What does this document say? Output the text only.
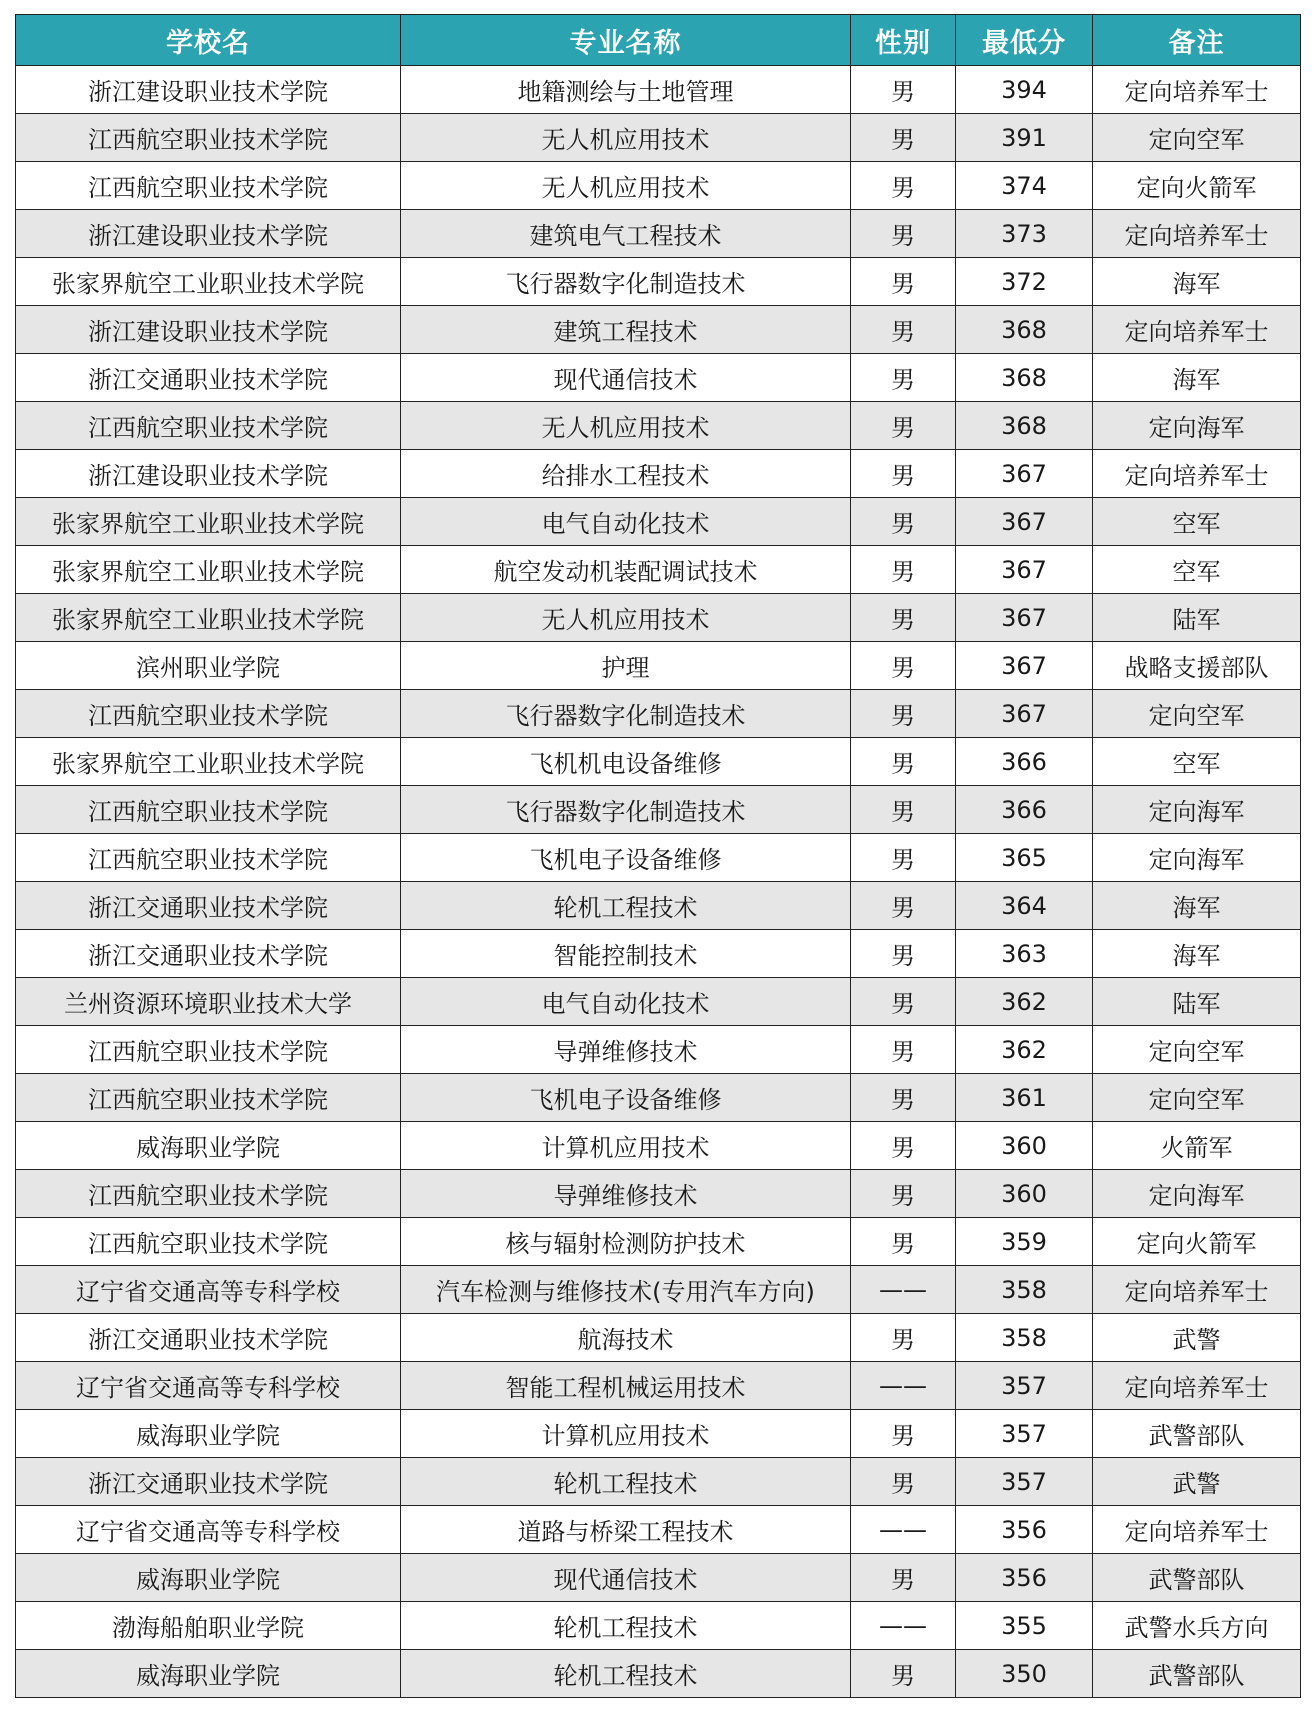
学校名	专业名称	性别	最低分	备注
浙江建设职业技术学院	地籍测绘与土地管理	男	394	定向培养军士
江西航空职业技术学院	无人机应用技术	男	391	定向空军
江西航空职业技术学院	无人机应用技术	男	374	定向火箭军
浙江建设职业技术学院	建筑电气工程技术	男	373	定向培养军士
张家界航空工业职业技术学院	飞行器数字化制造技术	男	372	海军
浙江建设职业技术学院	建筑工程技术	男	368	定向培养军士
浙江交通职业技术学院	现代通信技术	男	368	海军
江西航空职业技术学院	无人机应用技术	男	368	定向海军
浙江建设职业技术学院	给排水工程技术	男	367	定向培养军士
张家界航空工业职业技术学院	电气自动化技术	男	367	空军
张家界航空工业职业技术学院	航空发动机装配调试技术	男	367	空军
张家界航空工业职业技术学院	无人机应用技术	男	367	陆军
滨州职业学院	护理	男	367	战略支援部队
江西航空职业技术学院	飞行器数字化制造技术	男	367	定向空军
张家界航空工业职业技术学院	飞机机电设备维修	男	366	空军
江西航空职业技术学院	飞行器数字化制造技术	男	366	定向海军
江西航空职业技术学院	飞机电子设备维修	男	365	定向海军
浙江交通职业技术学院	轮机工程技术	男	364	海军
浙江交通职业技术学院	智能控制技术	男	363	海军
兰州资源环境职业技术大学	电气自动化技术	男	362	陆军
江西航空职业技术学院	导弹维修技术	男	362	定向空军
江西航空职业技术学院	飞机电子设备维修	男	361	定向空军
威海职业学院	计算机应用技术	男	360	火箭军
江西航空职业技术学院	导弹维修技术	男	360	定向海军
江西航空职业技术学院	核与辐射检测防护技术	男	359	定向火箭军
辽宁省交通高等专科学校	汽车检测与维修技术(专用汽车方向)	——	358	定向培养军士
浙江交通职业技术学院	航海技术	男	358	武警
辽宁省交通高等专科学校	智能工程机械运用技术	——	357	定向培养军士
威海职业学院	计算机应用技术	男	357	武警部队
浙江交通职业技术学院	轮机工程技术	男	357	武警
辽宁省交通高等专科学校	道路与桥梁工程技术	——	356	定向培养军士
威海职业学院	现代通信技术	男	356	武警部队
渤海船舶职业学院	轮机工程技术	——	355	武警水兵方向
威海职业学院	轮机工程技术	男	350	武警部队
